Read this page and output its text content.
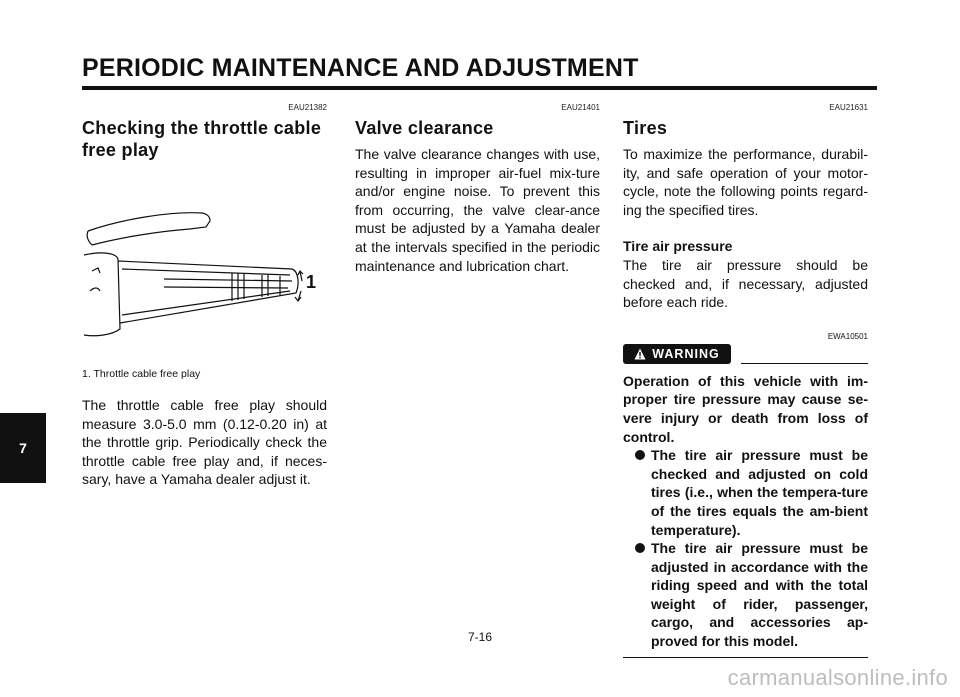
PERIODIC MAINTENANCE AND ADJUSTMENT
EAU21382
Checking the throttle cable
free play
1
1. Throttle cable free play

The throttle cable free play should measure 3.0-5.0 mm (0.12-0.20 in) at the throttle grip. Periodically check the throttle cable free play and, if neces-sary, have a Yamaha dealer adjust it.

EAU21401
Valve clearance

The valve clearance changes with use, resulting in improper air-fuel mix-ture and/or engine noise. To prevent this from occurring, the valve clear-ance must be adjusted by a Yamaha dealer at the intervals specified in the periodic maintenance and lubrication chart.

EAU21631
Tires

To maximize the performance, durabil-ity, and safe operation of your motor-cycle, note the following points regard-ing the specified tires.

Tire air pressure

The tire air pressure should be checked and, if necessary, adjusted before each ride.

EWA10501
WARNING

Operation of this vehicle with im-proper tire pressure may cause se-vere injury or death from loss of control.

The tire air pressure must be checked and adjusted on cold tires (i.e., when the tempera-ture of the tires equals the am-bient temperature).
The tire air pressure must be adjusted in accordance with the riding speed and with the total weight of rider, passenger, cargo, and accessories ap-proved for this model.
7
7-16
carmanualsonline.info
